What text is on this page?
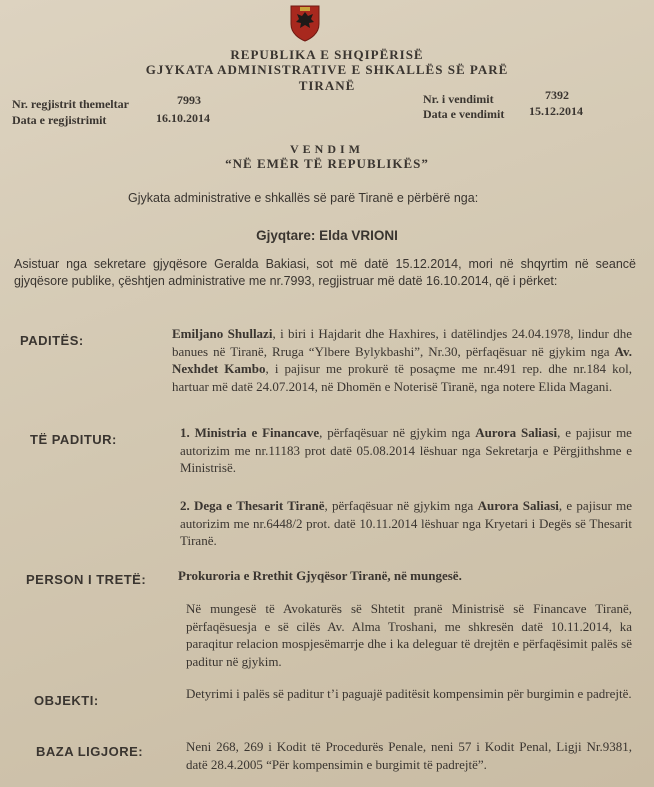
REPUBLIKA E SHQIPËRISË
GJYKATA ADMINISTRATIVE E SHKALLËS SË PARË
TIRANË
Nr. regjistrit themeltar	7993
Data e regjistrimit	16.10.2014
Nr. i vendimit	7392
Data e vendimit 15.12.2014
VENDIM
“NË EMËR TË REPUBLIKËS”
Gjykata administrative e shkallës së parë Tiranë e përbërë nga:
Gjyqtare: Elda VRIONI
Asistuar nga sekretare gjyqësore Geralda Bakiasi, sot më datë 15.12.2014, mori në shqyrtim në seancë gjyqësore publike, çështjen administrative me nr.7993, regjistruar më datë 16.10.2014, që i përket:
PADITËS:	Emiljano Shullazi, i biri i Hajdarit dhe Haxhires, i datëlindjes 24.04.1978, lindur dhe banues në Tiranë, Rruga “Ylbere Bylykbashi”, Nr.30, përfaqësuar në gjykim nga Av. Nexhdet Kambo, i pajisur me prokurë të posaçme me nr.491 rep. dhe nr.184 kol, hartuar më datë 24.07.2014, në Dhomën e Noterisë Tiranë, nga notere Elida Magani.
TË PADITUR:	1. Ministria e Financave, përfaqësuar në gjykim nga Aurora Saliasi, e pajisur me autorizim me nr.11183 prot datë 05.08.2014 lëshuar nga Sekretarja e Përgjithshme e Ministrisë.
2. Dega e Thesarit Tiranë, përfaqësuar në gjykim nga Aurora Saliasi, e pajisur me autorizim me nr.6448/2 prot. datë 10.11.2014 lëshuar nga Kryetari i Degës së Thesarit Tiranë.
PERSON I TRETË: Prokuroria e Rrethit Gjyqësor Tiranë, në mungesë.
Në mungesë të Avokaturës së Shtetit pranë Ministrisë së Financave Tiranë, përfaqësuesja e së cilës Av. Alma Troshani, me shkresën datë 10.11.2014, ka paraqitur relacion mospjesëmarrje dhe i ka deleguar të drejtën e përfaqësimit palës së paditur në gjykim.
OBJEKTI:	Detyrimi i palës së paditur t’i paguajë paditësit kompensimin për burgimin e padrejtë.
BAZA LIGJORE:	Neni 268, 269 i Kodit të Procedurës Penale, neni 57 i Kodit Penal, Ligji Nr.9381, datë 28.4.2005 “Për kompensimin e burgimit të padrejtë”.
